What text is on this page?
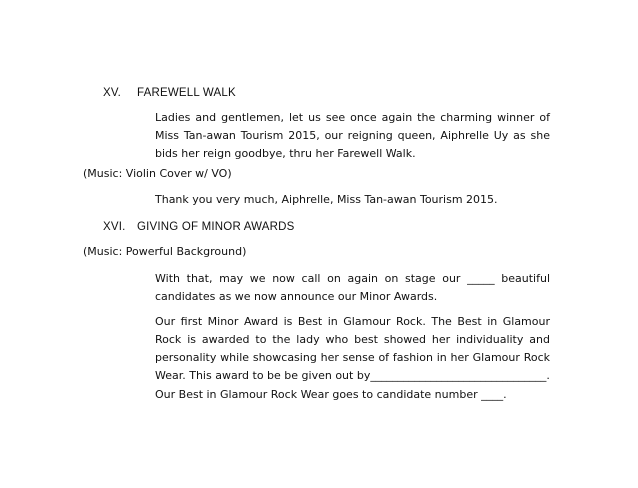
XV. FAREWELL WALK
Ladies and gentlemen, let us see once again the charming winner of Miss Tan-awan Tourism 2015, our reigning queen, Aiphrelle Uy as she bids her reign goodbye, thru her Farewell Walk.
(Music: Violin Cover w/ VO)
Thank you very much, Aiphrelle, Miss Tan-awan Tourism 2015.
XVI. GIVING OF MINOR AWARDS
(Music: Powerful Background)
With that, may we now call on again on stage our _____ beautiful candidates as we now announce our Minor Awards.
Our first Minor Award is Best in Glamour Rock. The Best in Glamour Rock is awarded to the lady who best showed her individuality and personality while showcasing her sense of fashion in her Glamour Rock Wear. This award to be be given out by________________________________.
Our Best in Glamour Rock Wear goes to candidate number ____.
